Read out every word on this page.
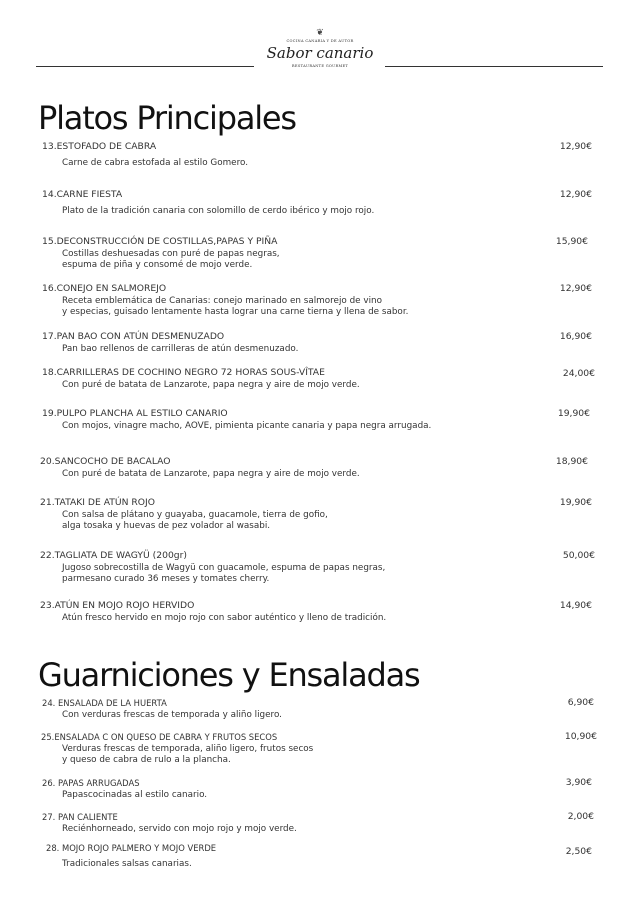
❦
COCINA CANARIA Y DE AUTOR
Sabor canario
RESTAURANTE GOURMET
Platos Principales
13.ESTOFADO DE CABRA	12,90€
Carne de cabra estofada al estilo Gomero.
14.CARNE FIESTA	12,90€
Plato de la tradición canaria con solomillo de cerdo ibérico y mojo rojo.
15.DECONSTRUCCIÓN DE COSTILLAS,PAPAS Y PIÑA	15,90€
Costillas deshuesadas con puré de papas negras,
espuma de piña y consomé de mojo verde.
16.CONEJO EN SALMOREJO	12,90€
Receta emblemática de Canarias: conejo marinado en salmorejo de vino
y especias, guisado lentamente hasta lograr una carne tierna y llena de sabor.
17.PAN BAO CON ATÚN DESMENUZADO	16,90€
Pan bao rellenos de carrilleras de atún desmenuzado.
18.CARRILLERAS DE COCHINO NEGRO 72 HORAS SOUS-VÎTAE	24,00€
Con puré de batata de Lanzarote, papa negra y aire de mojo verde.
19.PULPO PLANCHA AL ESTILO CANARIO	19,90€
Con mojos, vinagre macho, AOVE, pimienta picante canaria y papa negra arrugada.
20.SANCOCHO DE BACALAO	18,90€
Con puré de batata de Lanzarote, papa negra y aire de mojo verde.
21.TATAKI DE ATÚN ROJO	19,90€
Con salsa de plátano y guayaba, guacamole, tierra de gofio,
alga tosaka y huevas de pez volador al wasabi.
22.TAGLIATA DE WAGYÜ (200gr)	50,00€
Jugoso sobrecostilla de Wagyü con guacamole, espuma de papas negras,
parmesano curado 36 meses y tomates cherry.
23.ATÚN EN MOJO ROJO HERVIDO	14,90€
Atún fresco hervido en mojo rojo con sabor auténtico y lleno de tradición.
Guarniciones y Ensaladas
24. ENSALADA DE LA HUERTA	6,90€
Con verduras frescas de temporada y aliño ligero.
25.ENSALADA C ON QUESO DE CABRA Y FRUTOS SECOS	10,90€
Verduras frescas de temporada, aliño ligero, frutos secos
y queso de cabra de rulo a la plancha.
26. PAPAS ARRUGADAS	3,90€
Papascocinadas al estilo canario.
27. PAN CALIENTE	2,00€
Reciénhorneado, servido con mojo rojo y mojo verde.
28. MOJO ROJO PALMERO Y MOJO VERDE	2,50€
Tradicionales salsas canarias.
